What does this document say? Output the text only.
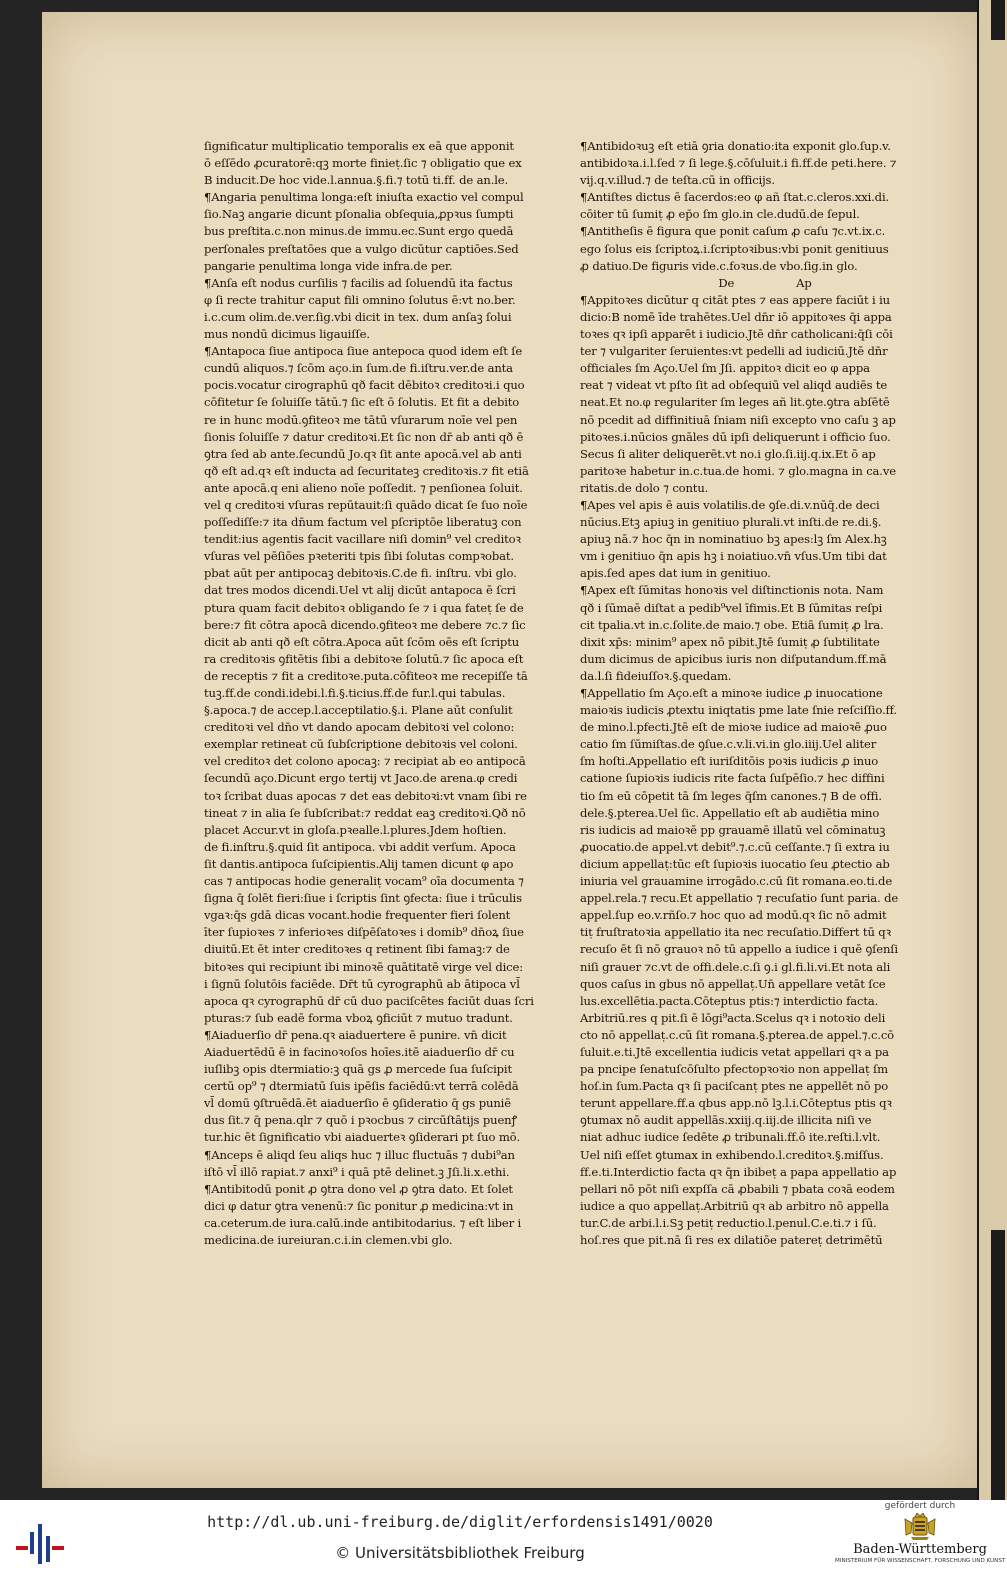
ſignificatur multiplicatio temporalis ex eā que apponit
ō eſſēdo ꝓcuratorē:qꝫ morte finieṭ.ſic ⁊ obligatio que ex
B inducit.De hoc vide.l.annua.§.fi.⁊ totū ti.ff. de an.le.
¶Angaria penultima longa:eſt iniuſta exactio vel compul
ſio.Naꝫ angarie dicunt pſonalia obſequia,ꝓpꝛus ſumpti
bus preſtita.c.non minus.de immu.ec.Sunt ergo quedā
perſonales preſtatōes que a vulgo dicūtur captiōes.Sed
pangarie penultima longa vide infra.de per.
¶Anſa eſt nodus curſilis ⁊ facilis ad ſoluendū ita factus
φ ſi recte trahitur caput fili omnino ſolutus ē:vt no.ber.
i.c.cum olim.de.ver.ſig.vbi dicit in tex. dum anſaꝫ ſolui
mus nondū dicimus ligauiſſe.
¶Antapoca ſiue antipoca ſiue antepoca quod idem eſt ſe
cundū aliquos.⁊ ſcōm aço.in ſum.de fi.iſtru.ver.de anta
pocis.vocatur cirographū qð facit dēbitoꝛ creditoꝛi.i quo
cōfitetur ſe ſoluiſſe tātū.⁊ ſic eſt ō ſolutis. Et fit a debito
re in hunc modū.ꝯfiteoꝛ me tātū vſurarum noīe vel pen
ſionis ſoluiſſe ⁊ datur creditoꝛi.Et ſic non dr̄ ab anti qð ē
ꝯtra ſed ab ante.ſecundū Jo.qꝛ ſit ante apocā.vel ab anti
qð eſt ad.qꝛ eſt inducta ad ſecuritateꝫ creditoꝛis.⁊ fit etiā
ante apocā.q eni alieno noīe poſſedit. ⁊ penſionea ſoluit.
vel q creditoꝛi vſuras repūtauit:ſi quādo dicat ſe ſuo noīe
poſſediſſe:⁊ ita dn̄um factum vel pſcriptōe liberatuꝫ con
tendit:ius agentis facit vacillare niſi domin⁹ vel creditoꝛ
vſuras vel pēſiōes pꝛeteriti tpis ſibi ſolutas compꝛobat.
pbat aūt per antipocaꝫ debitoꝛis.C.de fi. inſtru. vbi glo.
dat tres modos dicendi.Uel vt alij dicūt antapoca ē ſcri
ptura quam facit debitoꝛ obligando ſe ⁊ i qua fateṭ ſe de
bere:⁊ fit cōtra apocā dicendo.ꝯfiteoꝛ me debere ⁊c.⁊ ſic
dicit ab anti qð eſt cōtra.Apoca aūt ſcōm oēs eſt ſcriptu
ra creditoꝛis ꝯfitētis ſibi a debitoꝛe ſolutū.⁊ ſic apoca eſt
de receptis ⁊ fit a creditoꝛe.puta.cōfiteoꝛ me recepiſſe tā
tuꝫ.ff.de condi.idebi.l.fi.§.ticius.ff.de fur.l.qui tabulas.
§.apoca.⁊ de accep.l.acceptilatio.§.i. Plane aūt conſulit
creditoꝛi vel dn̄o vt dando apocam debitoꝛi vel colono:
exemplar retineat cū ſubſcriptione debitoꝛis vel coloni.
vel creditoꝛ det colono apocaꝫ: ⁊ recipiat ab eo antipocā
ſecundū aço.Dicunt ergo tertij vt Jaco.de arena.φ credi
toꝛ ſcribat duas apocas ⁊ det eas debitoꝛi:vt vnam ſibi re
tineat ⁊ in alia ſe ſubſcribat:⁊ reddat eaꝫ creditoꝛi.Qð nō
placet Accur.vt in gloſa.pꝛealle.l.plures.Jdem hoſtien.
de fi.inſtru.§.quid ſit antipoca. vbi addit verſum. Apoca
ſit dantis.antipoca ſuſcipientis.Alij tamen dicunt φ apo
cas ⁊ antipocas hodie generaliṭ vocam⁹ oīa documenta ⁊
ſigna q̄ ſolēt fieri:ſiue i ſcriptis ſint ꝯfecta: ſiue i trūculis
vgaꝛ:q̄s gdā dicas vocant.hodie frequenter fieri ſolent
īter ſupioꝛes ⁊ inferioꝛes diſpēſatoꝛes i domib⁹ dn̄oꝝ ſiue
diuitū.Et ēt inter creditoꝛes q retinent ſibi famaꝫ:⁊ de
bitoꝛes qui recipiunt ibi minoꝛē quātitatē virge vel dice:
i ſignū ſolutōis faciēde. Dr̄t tū cyrographū ab ātipoca vl̄
apoca qꝛ cyrographū dr̄ cū duo paciſcētes faciūt duas ſcri
pturas:⁊ ſub eadē forma vboꝝ ꝯficiūt ⁊ mutuo tradunt.
¶Aiaduerſio dr̄ pena.qꝛ aiaduertere ē punire. vn̄ dicit
Aiaduertēdū ē in facinoꝛoſos hoīes.itē aiaduerſio dr̄ cu
iuſlibꝫ opis dtermiatio:ꝫ quā gs ꝓ mercede ſua ſuſcipit
certū op⁹ ⁊ dtermiatū ſuis ipēſis faciēdū:vt terrā colēdā
vl̄ domū ꝯſtruēdā.ēt aiaduerſio ē ꝯſideratio q̄ gs puniē
dus ſit.⁊ q̄ pena.qlr ⁊ quō i pꝛocbus ⁊ circūſtātijs puenꝭ
tur.hic ēt ſignificatio vbi aiaduerteꝛ ꝯſiderari pt ſuo mō.
¶Anceps ē aliqd ſeu aliqs huc ⁊ illuc fluctuās ⁊ dubi⁹an
iſtō vl̄ illō rapiat.⁊ anxi⁹ i quā ptē delinet.ꝫ Jſi.li.x.ethi.
¶Antibitodū ponit ꝓ ꝯtra dono vel ꝓ ꝯtra dato. Et ſolet
dici φ datur ꝯtra venenū:⁊ ſic ponitur ꝓ medicina:vt in
ca.ceterum.de iura.calū.inde antibitodarius. ⁊ eſt liber i
medicina.de iureiuran.c.i.in clemen.vbi glo.
¶Antibidoꝛuꝫ eſt etiā ꝯria donatio:ita exponit glo.ſup.v.
antibidoꝛa.i.l.ſed ⁊ ſi lege.§.cōſuluit.i fi.ff.de peti.here. ⁊
vij.q.v.illud.⁊ de teſta.cū in officijs.
¶Antiſtes dictus ē ſacerdos:eo φ añ ſtat.c.cleros.xxi.di.
cōiter tū ſumiṭ ꝓ ep̄o ſm glo.in cle.dudū.de ſepul.
¶Antitheſis ē figura que ponit caſum ꝓ caſu ⁊c.vt.ix.c.
ego ſolus eis ſcriptoꝝ.i.ſcriptoꝛibus:vbi ponit genitiuus
ꝓ datiuo.De figuris vide.c.foꝛus.de vbo.ſig.in glo.
De	Ap
¶Appitoꝛes dicūtur q citāt ptes ⁊ eas appere faciūt i iu
dicio:B nomē īde trahētes.Uel dn̄r iō appitoꝛes q̄i appa
toꝛes qꝛ ipſi apparēt i iudicio.Jtē dn̄r catholicani:q̄ſi cōi
ter ⁊ vulgariter ſeruientes:vt pedelli ad iudiciū.Jtē dn̄r
officiales ſm Aço.Uel ſm Jſi. appitoꝛ dicit eo φ appa
reat ⁊ videat vt pſto ſit ad obſequiū vel aliqd audiēs te
neat.Et no.φ regulariter ſm leges añ lit.ꝯte.ꝯtra abſētē
nō pcedit ad diffinitiuā ſniam niſi excepto vno caſu ꝫ ap
pitoꝛes.i.nūcios gnāles dū ipſi deliquerunt i officio ſuo.
Secus ſi aliter deliquerēt.vt no.i glo.ſi.iij.q.ix.Et ō ap
paritoꝛe habetur in.c.tua.de homi. ⁊ glo.magna in ca.ve
ritatis.de dolo ⁊ contu.
¶Apes vel apis ē auis volatilis.de ꝯſe.di.v.nūq̄.de deci
nūcius.Etꝫ apiuꝫ in genitiuo plurali.vt inſti.de re.di.§.
apiuꝫ nā.⁊ hoc q̄n in nominatiuo bꝫ apes:lꝫ ſm Alex.hꝫ
vm i genitiuo q̄n apis hꝫ i noiatiuo.vn̄ vſus.Um tibi dat
apis.ſed apes dat ium in genitiuo.
¶Apex eſt ſūmitas honoꝛis vel diſtinctionis nota. Nam
qð i ſūmaē diſtat a pedib⁹vel īfimis.Et B ſūmitas reſpi
cit tpalia.vt in.c.ſolite.de maio.⁊ obe. Etiā ſumiṭ ꝓ lra.
dixit xp̄s: minim⁹ apex nō pibit.Jtē ſumiṭ ꝓ ſubtilitate
dum dicimus de apicibus iuris non diſputandum.ff.mā
da.l.ſi fideiuſſoꝛ.§.quedam.
¶Appellatio ſm Aço.eſt a minoꝛe iudice ꝓ inuocatione
maioꝛis iudicis ꝓtextu iniqtatis pme late ſnie reſciſſio.ff.
de mino.l.pfecti.Jtē eſt de mioꝛe iudice ad maioꝛē ꝓuo
catio ſm ſūmiſtas.de ꝯſue.c.v.li.vi.in glo.iiij.Uel aliter
ſm hoſti.Appellatio eſt iuriſditōis poꝛis iudicis ꝓ inuo
catione ſupioꝛis iudicis rite facta ſuſpēſio.⁊ hec diffini
tio ſm eū cōpetit tā ſm leges q̄ſm canones.⁊ B de offi.
dele.§.pterea.Uel ſic. Appellatio eſt ab audiētia mino
ris iudicis ad maioꝛē pp grauamē illatū vel cōminatuꝫ
ꝓuocatio.de appel.vt debit⁹.⁊.c.cū ceſſante.⁊ ſi extra iu
dicium appellaṭ:tūc eſt ſupioꝛis iuocatio ſeu ꝓtectio ab
iniuria vel grauamine irrogādo.c.cū ſit romana.eo.ti.de
appel.rela.⁊ recu.Et appellatio ⁊ recuſatio ſunt paria. de
appel.ſup eo.v.rñſo.⁊ hoc quo ad modū.qꝛ ſic nō admit
tiṭ fruſtratoꝛia appellatio ita nec recuſatio.Differt tū qꝛ
recuſo ēt ſi nō grauoꝛ nō tū appello a iudice i quē ꝯſenſi
niſi grauer ⁊c.vt de offi.dele.c.ſi ꝯ.i gl.fi.li.vi.Et nota ali
quos caſus in gbus nō appellaṭ.Un̄ appellare vetāt ſce
lus.excellētia.pacta.Cōteptus ptis:⁊ interdictio facta.
Arbitriū.res q pit.ſi ē lōgi⁹acta.Scelus qꝛ i notoꝛio deli
cto nō appellaṭ.c.cū ſit romana.§.pterea.de appel.⁊.c.cō
ſuluit.e.ti.Jtē excellentia iudicis vetat appellari qꝛ a pa
pa pncipe ſenatuſcōſulto pfectopꝛoꝛio non appellaṭ ſm
hoſ.in ſum.Pacta qꝛ ſi paciſcanṭ ptes ne appellēt nō po
terunt appellare.ff.a qbus app.nō lꝫ.l.i.Cōteptus ptis qꝛ
ꝯtumax nō audit appellās.xxiij.q.iij.de illicita niſi ve
niat adhuc iudice ſedēte ꝓ tribunali.ff.ō ite.reſti.l.vlt.
Uel niſi eſſet ꝯtumax in exhibendo.l.creditoꝛ.§.miſſus.
ff.e.ti.Interdictio facta qꝛ q̄n ibibeṭ a papa appellatio ap
pellari nō pōt niſi expſſa cā ꝓbabili ⁊ pbata coꝛā eodem
iudice a quo appellaṭ.Arbitriū qꝛ ab arbitro nō appella
tur.C.de arbi.l.i.Sꝫ petiṭ reductio.l.penul.C.e.ti.⁊ i ſū.
hoſ.res que pit.nā ſi res ex dilatiōe patereṭ detrimētū
http://dl.ub.uni-freiburg.de/diglit/erfordensis1491/0020
© Universitätsbibliothek Freiburg
gefördert durch
Baden-Württemberg
MINISTERIUM FÜR WISSENSCHAFT, FORSCHUNG UND KUNST
